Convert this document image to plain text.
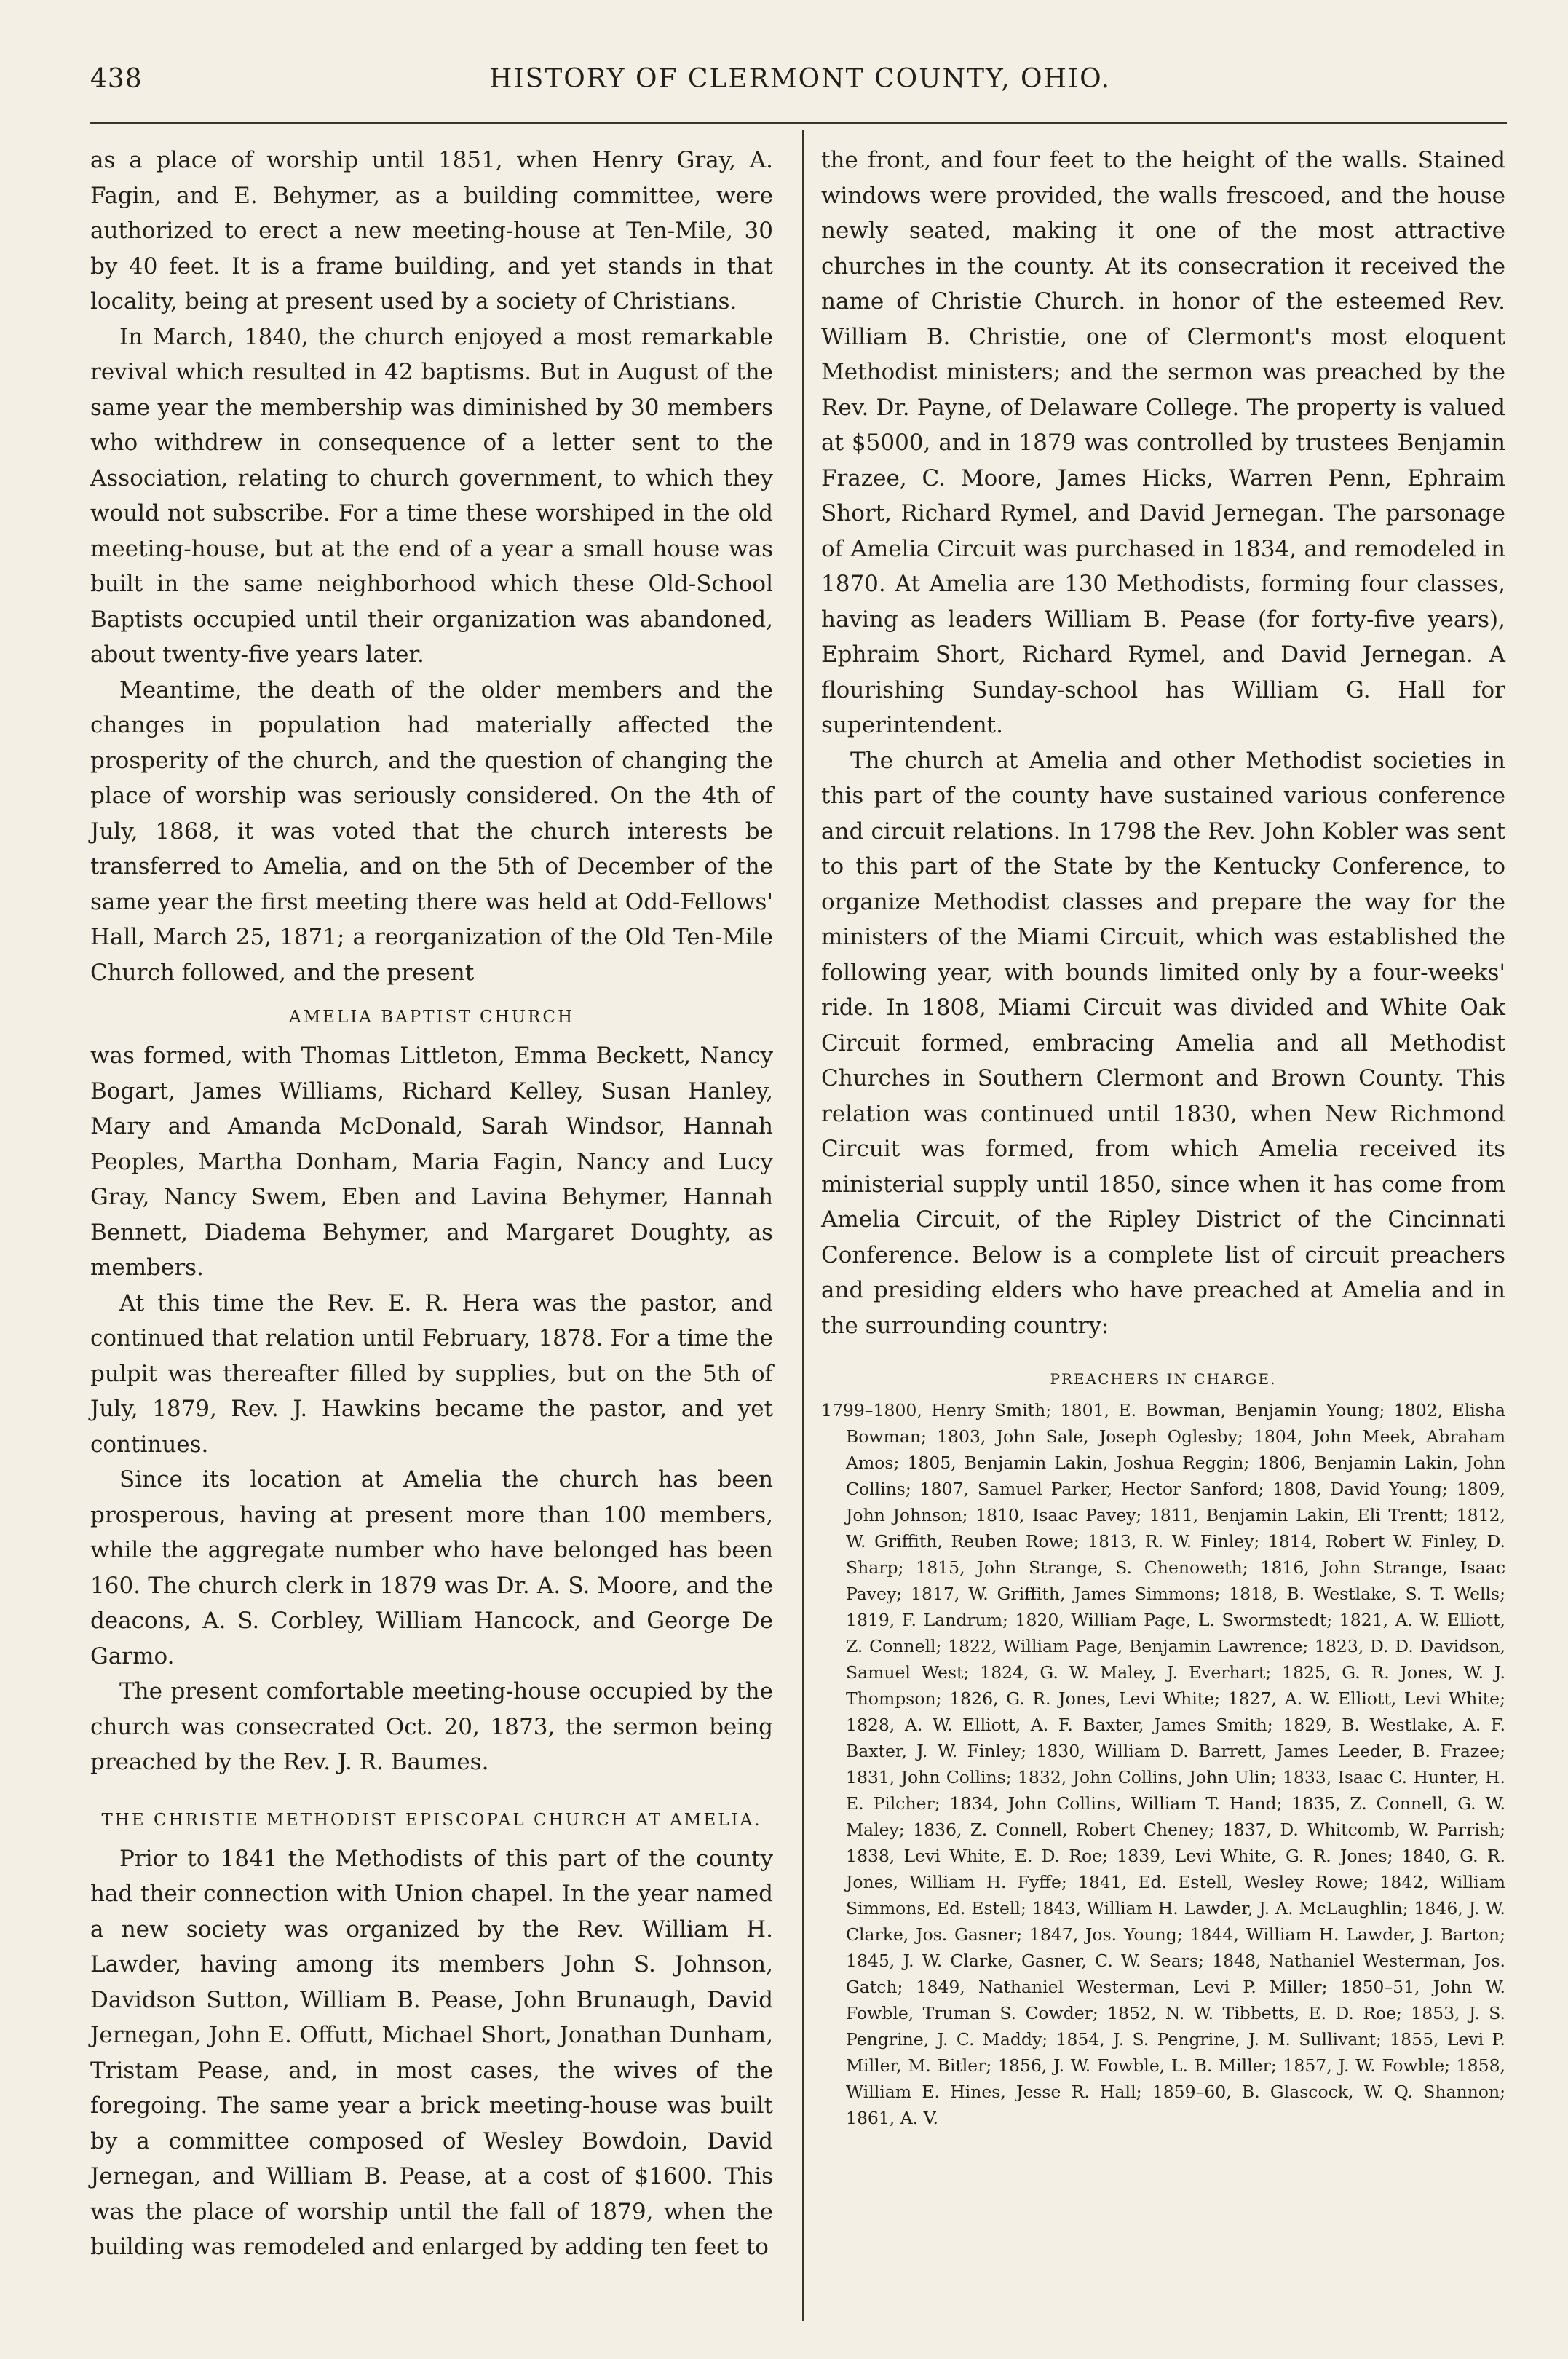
438	HISTORY OF CLERMONT COUNTY, OHIO.

as a place of worship until 1851, when Henry Gray, A. Fagin, and E. Behymer, as a building committee, were authorized to erect a new meeting-house at Ten-Mile, 30 by 40 feet. It is a frame building, and yet stands in that locality, being at present used by a society of Christians.

In March, 1840, the church enjoyed a most remarkable revival which resulted in 42 baptisms. But in August of the same year the membership was diminished by 30 members who withdrew in consequence of a letter sent to the Association, relating to church government, to which they would not subscribe. For a time these worshiped in the old meeting-house, but at the end of a year a small house was built in the same neighborhood which these Old-School Baptists occupied until their organization was abandoned, about twenty-five years later.

Meantime, the death of the older members and the changes in population had materially affected the prosperity of the church, and the question of changing the place of worship was seriously considered. On the 4th of July, 1868, it was voted that the church interests be transferred to Amelia, and on the 5th of December of the same year the first meeting there was held at Odd-Fellows' Hall, March 25, 1871; a reorganization of the Old Ten-Mile Church followed, and the present

AMELIA BAPTIST CHURCH

was formed, with Thomas Littleton, Emma Beckett, Nancy Bogart, James Williams, Richard Kelley, Susan Hanley, Mary and Amanda McDonald, Sarah Windsor, Hannah Peoples, Martha Donham, Maria Fagin, Nancy and Lucy Gray, Nancy Swem, Eben and Lavina Behymer, Hannah Bennett, Diadema Behymer, and Margaret Doughty, as members.

At this time the Rev. E. R. Hera was the pastor, and continued that relation until February, 1878. For a time the pulpit was thereafter filled by supplies, but on the 5th of July, 1879, Rev. J. Hawkins became the pastor, and yet continues.

Since its location at Amelia the church has been prosperous, having at present more than 100 members, while the aggregate number who have belonged has been 160. The church clerk in 1879 was Dr. A. S. Moore, and the deacons, A. S. Corbley, William Hancock, and George De Garmo.

The present comfortable meeting-house occupied by the church was consecrated Oct. 20, 1873, the sermon being preached by the Rev. J. R. Baumes.

THE CHRISTIE METHODIST EPISCOPAL CHURCH AT AMELIA.

Prior to 1841 the Methodists of this part of the county had their connection with Union chapel. In the year named a new society was organized by the Rev. William H. Lawder, having among its members John S. Johnson, Davidson Sutton, William B. Pease, John Brunaugh, David Jernegan, John E. Offutt, Michael Short, Jonathan Dunham, Tristam Pease, and, in most cases, the wives of the foregoing. The same year a brick meeting-house was built by a committee composed of Wesley Bowdoin, David Jernegan, and William B. Pease, at a cost of $1600. This was the place of worship until the fall of 1879, when the building was remodeled and enlarged by adding ten feet to

the front, and four feet to the height of the walls. Stained windows were provided, the walls frescoed, and the house newly seated, making it one of the most attractive churches in the county. At its consecration it received the name of Christie Church. in honor of the esteemed Rev. William B. Christie, one of Clermont's most eloquent Methodist ministers; and the sermon was preached by the Rev. Dr. Payne, of Delaware College. The property is valued at $5000, and in 1879 was controlled by trustees Benjamin Frazee, C. Moore, James Hicks, Warren Penn, Ephraim Short, Richard Rymel, and David Jernegan. The parsonage of Amelia Circuit was purchased in 1834, and remodeled in 1870. At Amelia are 130 Methodists, forming four classes, having as leaders William B. Pease (for forty-five years), Ephraim Short, Richard Rymel, and David Jernegan. A flourishing Sunday-school has William G. Hall for superintendent.

The church at Amelia and other Methodist societies in this part of the county have sustained various conference and circuit relations. In 1798 the Rev. John Kobler was sent to this part of the State by the Kentucky Conference, to organize Methodist classes and prepare the way for the ministers of the Miami Circuit, which was established the following year, with bounds limited only by a four-weeks' ride. In 1808, Miami Circuit was divided and White Oak Circuit formed, embracing Amelia and all Methodist Churches in Southern Clermont and Brown County. This relation was continued until 1830, when New Richmond Circuit was formed, from which Amelia received its ministerial supply until 1850, since when it has come from Amelia Circuit, of the Ripley District of the Cincinnati Conference. Below is a complete list of circuit preachers and presiding elders who have preached at Amelia and in the surrounding country:

PREACHERS IN CHARGE.
1799–1800, Henry Smith; 1801, E. Bowman, Benjamin Young; 1802, Elisha Bowman; 1803, John Sale, Joseph Oglesby; 1804, John Meek, Abraham Amos; 1805, Benjamin Lakin, Joshua Reggin; 1806, Benjamin Lakin, John Collins; 1807, Samuel Parker, Hector Sanford; 1808, David Young; 1809, John Johnson; 1810, Isaac Pavey; 1811, Benjamin Lakin, Eli Trentt; 1812, W. Griffith, Reuben Rowe; 1813, R. W. Finley; 1814, Robert W. Finley, D. Sharp; 1815, John Strange, S. Chenoweth; 1816, John Strange, Isaac Pavey; 1817, W. Griffith, James Simmons; 1818, B. Westlake, S. T. Wells; 1819, F. Landrum; 1820, William Page, L. Swormstedt; 1821, A. W. Elliott, Z. Connell; 1822, William Page, Benjamin Lawrence; 1823, D. D. Davidson, Samuel West; 1824, G. W. Maley, J. Everhart; 1825, G. R. Jones, W. J. Thompson; 1826, G. R. Jones, Levi White; 1827, A. W. Elliott, Levi White; 1828, A. W. Elliott, A. F. Baxter, James Smith; 1829, B. Westlake, A. F. Baxter, J. W. Finley; 1830, William D. Barrett, James Leeder, B. Frazee; 1831, John Collins; 1832, John Collins, John Ulin; 1833, Isaac C. Hunter, H. E. Pilcher; 1834, John Collins, William T. Hand; 1835, Z. Connell, G. W. Maley; 1836, Z. Connell, Robert Cheney; 1837, D. Whitcomb, W. Parrish; 1838, Levi White, E. D. Roe; 1839, Levi White, G. R. Jones; 1840, G. R. Jones, William H. Fyffe; 1841, Ed. Estell, Wesley Rowe; 1842, William Simmons, Ed. Estell; 1843, William H. Lawder, J. A. McLaughlin; 1846, J. W. Clarke, Jos. Gasner; 1847, Jos. Young; 1844, William H. Lawder, J. Barton; 1845, J. W. Clarke, Gasner, C. W. Sears; 1848, Nathaniel Westerman, Jos. Gatch; 1849, Nathaniel Westerman, Levi P. Miller; 1850–51, John W. Fowble, Truman S. Cowder; 1852, N. W. Tibbetts, E. D. Roe; 1853, J. S. Pengrine, J. C. Maddy; 1854, J. S. Pengrine, J. M. Sullivant; 1855, Levi P. Miller, M. Bitler; 1856, J. W. Fowble, L. B. Miller; 1857, J. W. Fowble; 1858, William E. Hines, Jesse R. Hall; 1859–60, B. Glascock, W. Q. Shannon; 1861, A. V.
